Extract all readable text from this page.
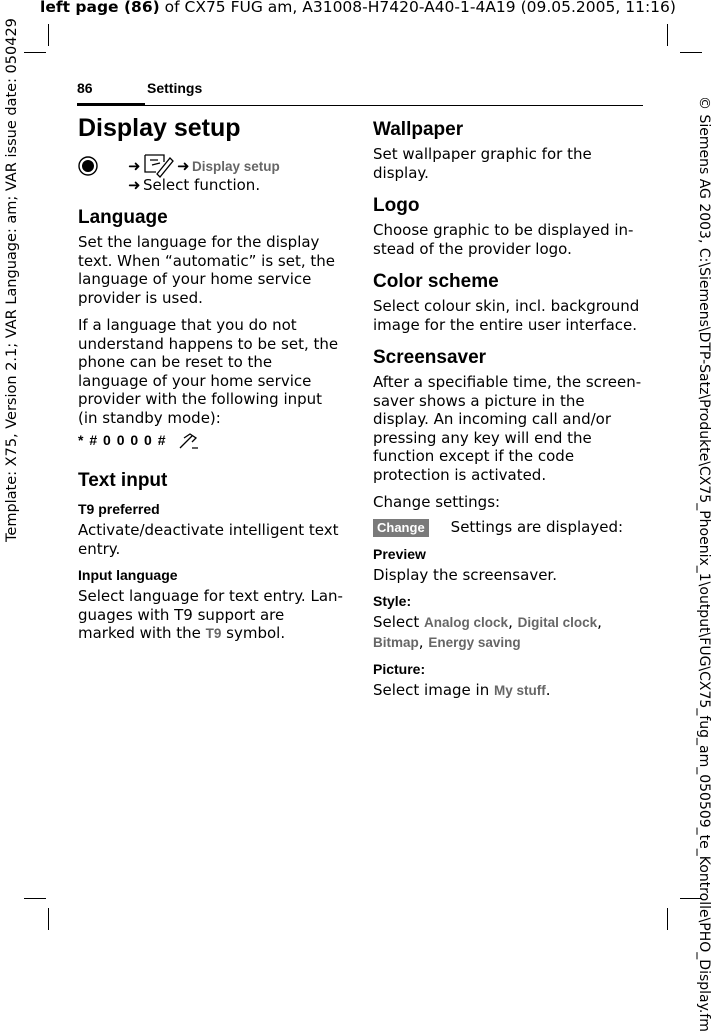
left page (86) of CX75 FUG am, A31008-H7420-A40-1-4A19 (09.05.2005, 11:16)
Template: X75, Version 2.1; VAR Language: am; VAR issue date: 050429	© Siemens AG 2003, C:\Siemens\DTP-Satz\Produkte\CX75_Phoenix_1\output\FUG\CX75_fug_am_050509_te_Kontrolle\PHO_Display.fm
86	Settings
Display setup
➜ ➜ Display setup
➜ Select function.
Language

Set the language for the display text. When “automatic” is set, the language of your home service provider is used.

If a language that you do not understand happens to be set, the phone can be reset to the language of your home service provider with the following input (in standby mode):

* # 0 0 0 0 #
Text input
T9 preferred

Activate/deactivate intelligent text entry.

Input language

Select language for text entry. Languages with T9 support are marked with the T9 symbol.

Wallpaper

Set wallpaper graphic for the display.

Logo

Choose graphic to be displayed instead of the provider logo.

Color scheme

Select colour skin, incl. background image for the entire user interface.

Screensaver

After a specifiable time, the screensaver shows a picture in the display. An incoming call and/or pressing any key will end the function except if the code protection is activated.

Change settings:

Change Settings are displayed:

Preview

Display the screensaver.

Style:

Select Analog clock, Digital clock,
Bitmap, Energy saving

Picture:

Select image in My stuff.
